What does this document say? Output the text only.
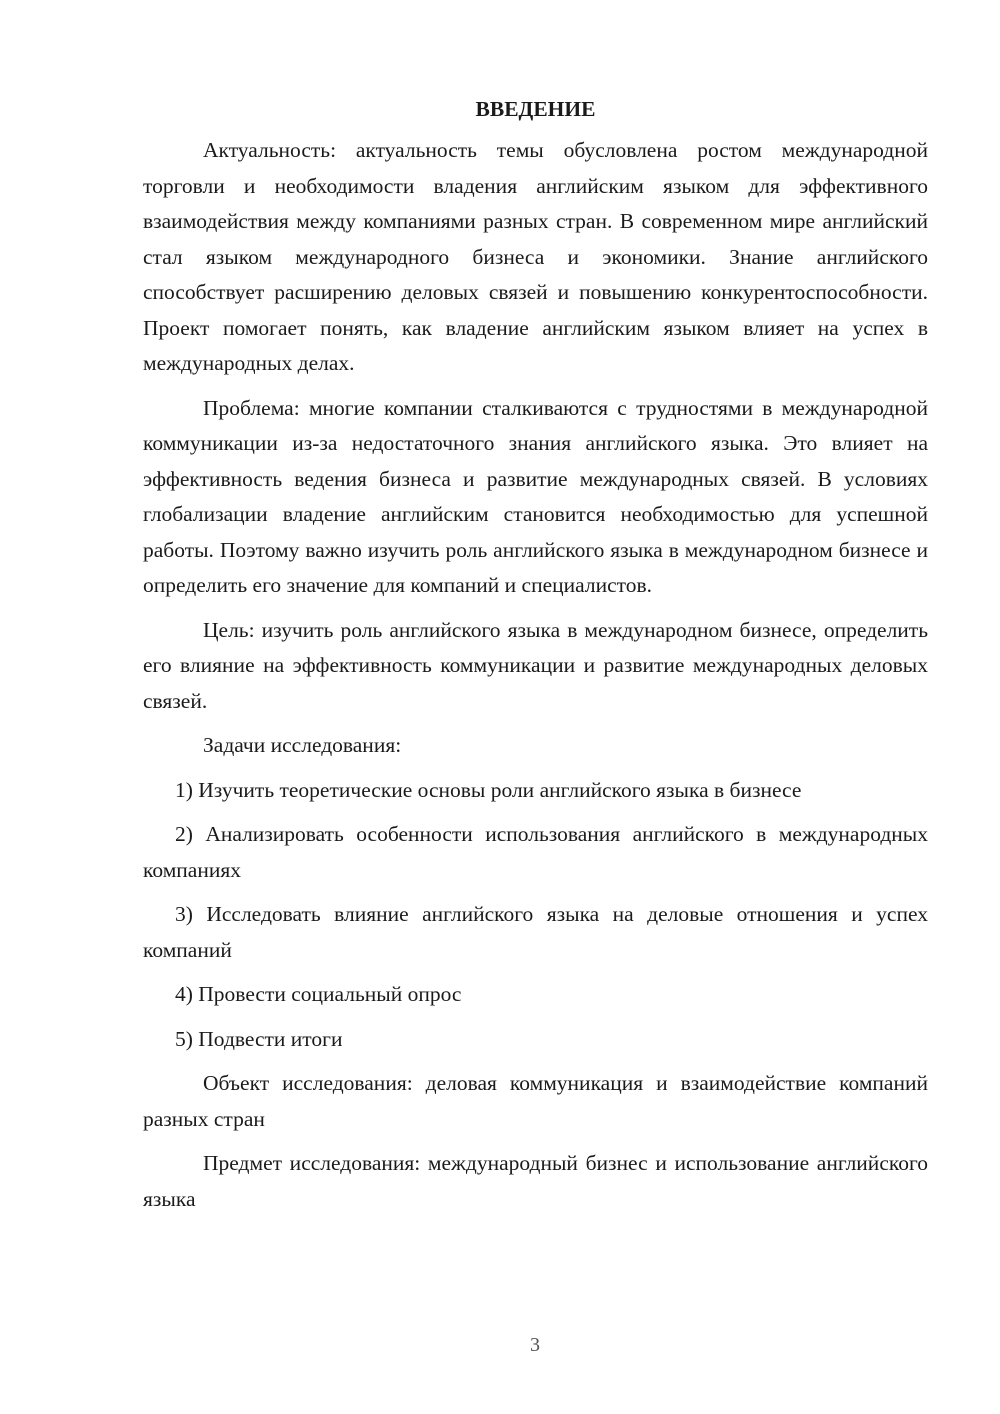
ВВЕДЕНИЕ

Актуальность: актуальность темы обусловлена ростом международной торговли и необходимости владения английским языком для эффективного взаимодействия между компаниями разных стран. В современном мире английский стал языком международного бизнеса и экономики. Знание английского способствует расширению деловых связей и повышению конкурентоспособности. Проект помогает понять, как владение английским языком влияет на успех в международных делах.

Проблема: многие компании сталкиваются с трудностями в международной коммуникации из-за недостаточного знания английского языка. Это влияет на эффективность ведения бизнеса и развитие международных связей. В условиях глобализации владение английским становится необходимостью для успешной работы. Поэтому важно изучить роль английского языка в международном бизнесе и определить его значение для компаний и специалистов.

Цель: изучить роль английского языка в международном бизнесе, определить его влияние на эффективность коммуникации и развитие международных деловых связей.

Задачи исследования:

1) Изучить теоретические основы роли английского языка в бизнесе

2) Анализировать особенности использования английского в международных компаниях

3) Исследовать влияние английского языка на деловые отношения и успех компаний

4) Провести социальный опрос

5) Подвести итоги

Объект исследования: деловая коммуникация и взаимодействие компаний разных стран

Предмет исследования: международный бизнес и использование английского языка

3
